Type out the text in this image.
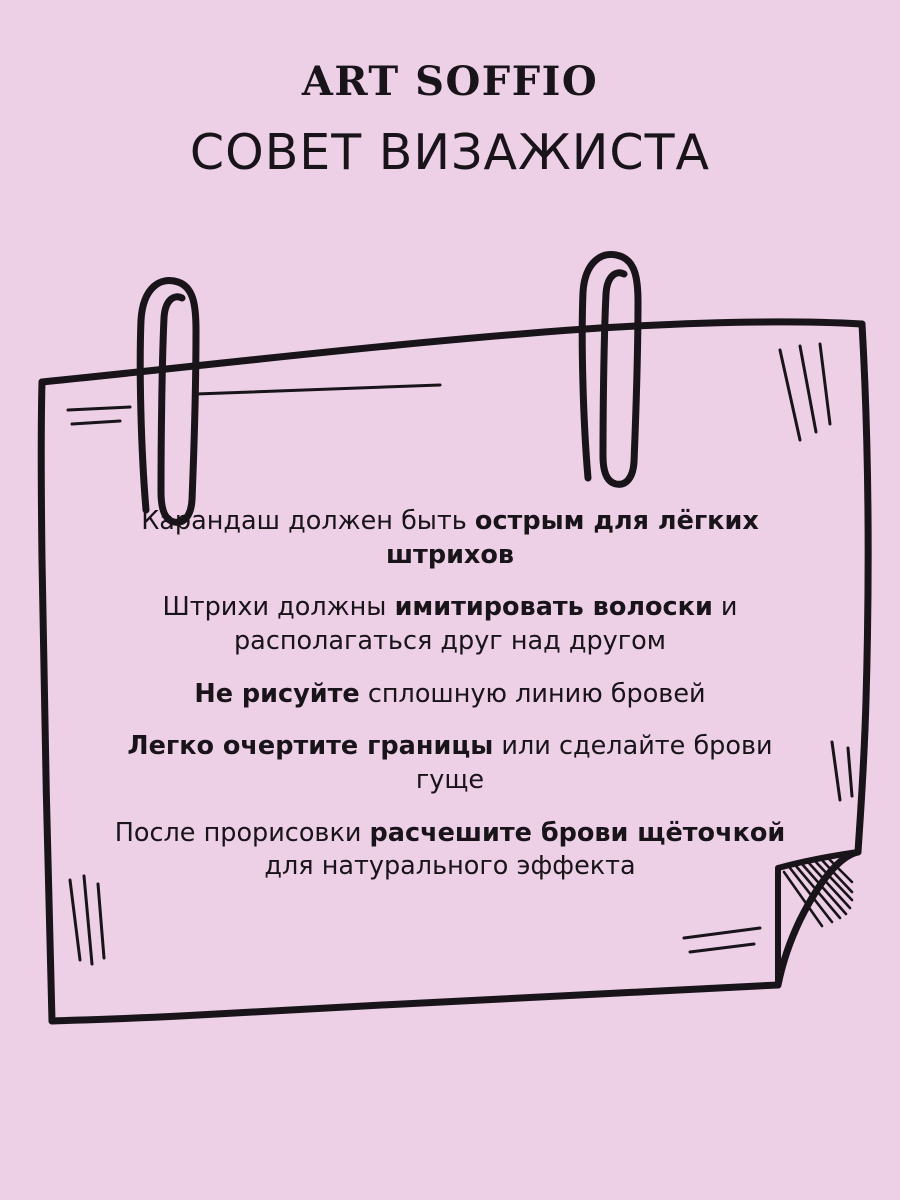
ART SOFFIO
СОВЕТ ВИЗАЖИСТА
Карандаш должен быть острым для лёгких штрихов
Штрихи должны имитировать волоски и располагаться друг над другом
Не рисуйте сплошную линию бровей
Легко очертите границы или сделайте брови гуще
После прорисовки расчешите брови щёточкой для натурального эффекта
